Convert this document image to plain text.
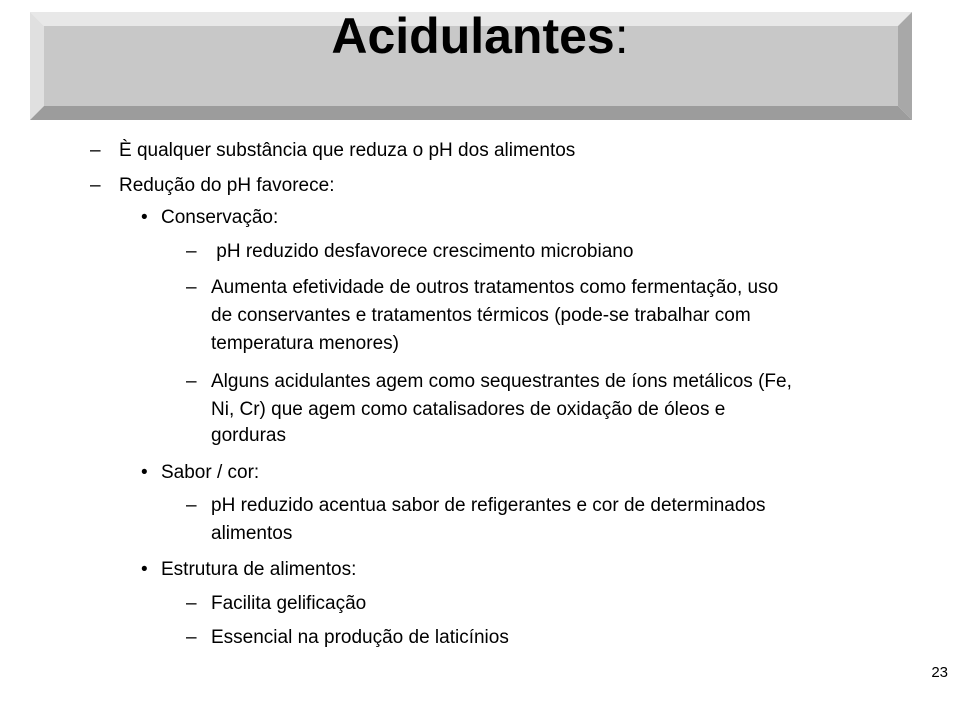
Acidulantes:
– È qualquer substância que reduza o pH dos alimentos
– Redução do pH favorece:
• Conservação:
– pH reduzido desfavorece crescimento microbiano
– Aumenta efetividade de outros tratamentos como fermentação, uso
de conservantes e tratamentos térmicos (pode-se trabalhar com
temperatura menores)
– Alguns acidulantes agem como sequestrantes de íons metálicos (Fe,
Ni, Cr) que agem como catalisadores de oxidação de óleos e
gorduras
• Sabor / cor:
– pH reduzido acentua sabor de refigerantes e cor de determinados
alimentos
• Estrutura de alimentos:
– Facilita gelificação
– Essencial na produção de laticínios
23
